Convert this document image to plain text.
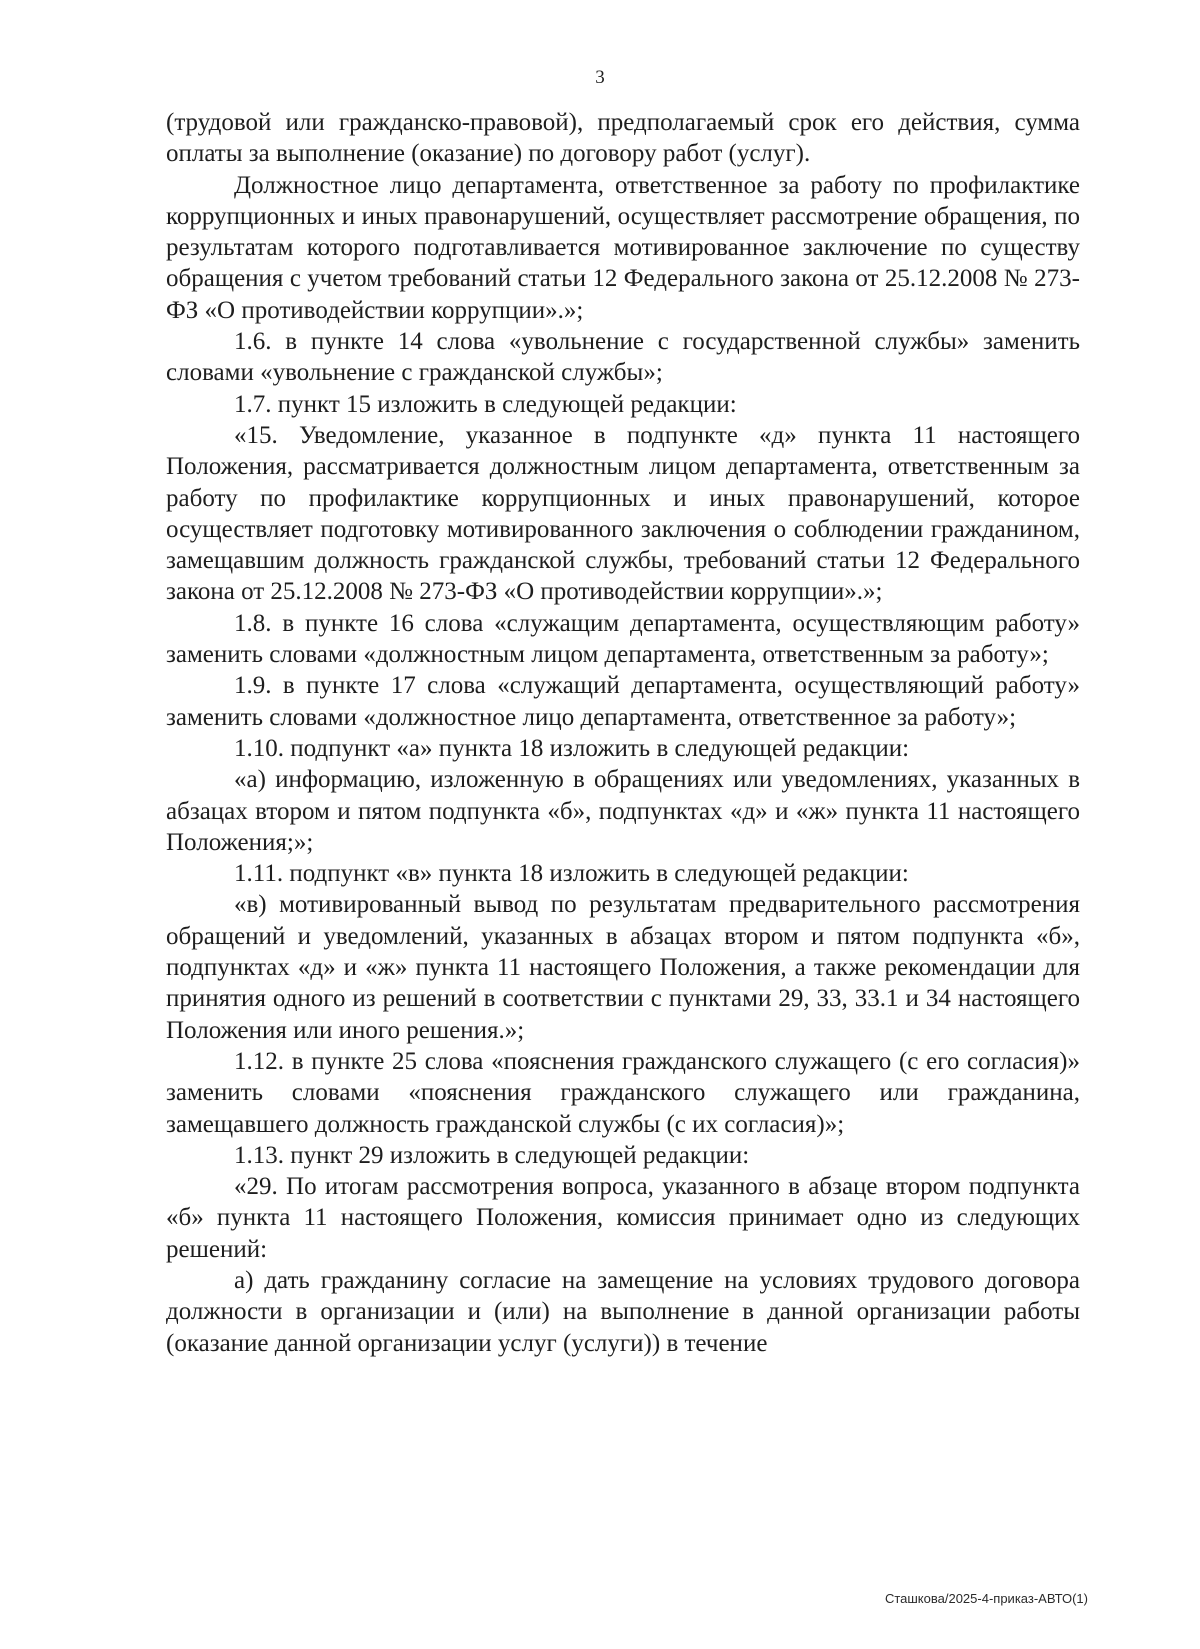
3

(трудовой или гражданско-правовой), предполагаемый срок его действия, сумма оплаты за выполнение (оказание) по договору работ (услуг).

Должностное лицо департамента, ответственное за работу по профилактике коррупционных и иных правонарушений, осуществляет рассмотрение обращения, по результатам которого подготавливается мотивированное заключение по существу обращения с учетом требований статьи 12 Федерального закона от 25.12.2008 № 273-ФЗ «О противодействии коррупции».»;

1.6. в пункте 14 слова «увольнение с государственной службы» заменить словами «увольнение с гражданской службы»;

1.7. пункт 15 изложить в следующей редакции:

«15. Уведомление, указанное в подпункте «д» пункта 11 настоящего Положения, рассматривается должностным лицом департамента, ответственным за работу по профилактике коррупционных и иных правонарушений, которое осуществляет подготовку мотивированного заключения о соблюдении гражданином, замещавшим должность гражданской службы, требований статьи 12 Федерального закона от 25.12.2008 № 273-ФЗ «О противодействии коррупции».»;

1.8. в пункте 16 слова «служащим департамента, осуществляющим работу» заменить словами «должностным лицом департамента, ответственным за работу»;

1.9. в пункте 17 слова «служащий департамента, осуществляющий работу» заменить словами «должностное лицо департамента, ответственное за работу»;

1.10. подпункт «а» пункта 18 изложить в следующей редакции:

«а) информацию, изложенную в обращениях или уведомлениях, указанных в абзацах втором и пятом подпункта «б», подпунктах «д» и «ж» пункта 11 настоящего Положения;»;

1.11. подпункт «в» пункта 18 изложить в следующей редакции:

«в) мотивированный вывод по результатам предварительного рассмотрения обращений и уведомлений, указанных в абзацах втором и пятом подпункта «б», подпунктах «д» и «ж» пункта 11 настоящего Положения, а также рекомендации для принятия одного из решений в соответствии с пунктами 29, 33, 33.1 и 34 настоящего Положения или иного решения.»;

1.12. в пункте 25 слова «пояснения гражданского служащего (с его согласия)» заменить словами «пояснения гражданского служащего или гражданина, замещавшего должность гражданской службы (с их согласия)»;

1.13. пункт 29 изложить в следующей редакции:

«29. По итогам рассмотрения вопроса, указанного в абзаце втором подпункта «б» пункта 11 настоящего Положения, комиссия принимает одно из следующих решений:

а) дать гражданину согласие на замещение на условиях трудового договора должности в организации и (или) на выполнение в данной организации работы (оказание данной организации услуг (услуги)) в течение

Сташкова/2025-4-приказ-АВТО(1)
